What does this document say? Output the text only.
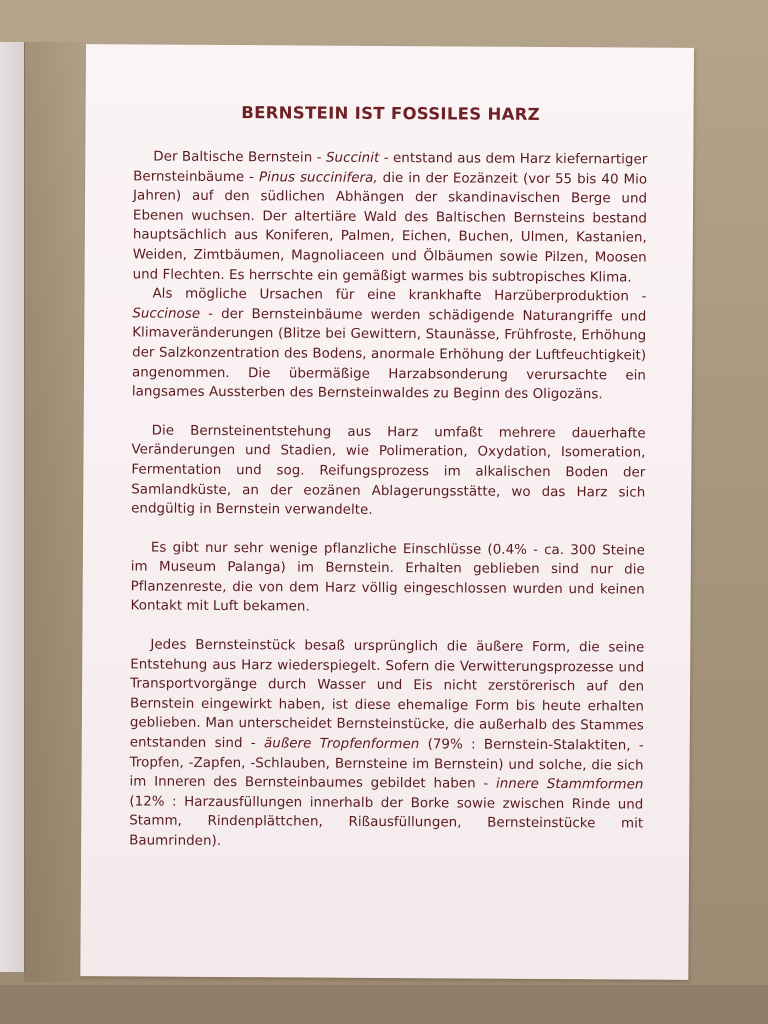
BERNSTEIN IST FOSSILES HARZ

Der Baltische Bernstein - Succinit - entstand aus dem Harz kiefernartiger Bernsteinbäume - Pinus succinifera, die in der Eozänzeit (vor 55 bis 40 Mio Jahren) auf den südlichen Abhängen der skandinavischen Berge und Ebenen wuchsen. Der altertiäre Wald des Baltischen Bernsteins bestand hauptsächlich aus Koniferen, Palmen, Eichen, Buchen, Ulmen, Kastanien, Weiden, Zimtbäumen, Magnoliaceen und Ölbäumen sowie Pilzen, Moosen und Flechten. Es herrschte ein gemäßigt warmes bis subtropisches Klima.

Als mögliche Ursachen für eine krankhafte Harzüberproduktion - Succinose - der Bernsteinbäume werden schädigende Naturangriffe und Klimaveränderungen (Blitze bei Gewittern, Staunässe, Frühfroste, Erhöhung der Salzkonzentration des Bodens, anormale Erhöhung der Luftfeuchtigkeit) angenommen. Die übermäßige Harzabsonderung verursachte ein langsames Aussterben des Bernsteinwaldes zu Beginn des Oligozäns.

Die Bernsteinentstehung aus Harz umfaßt mehrere dauerhafte Veränderungen und Stadien, wie Polimeration, Oxydation, Isomeration, Fermentation und sog. Reifungsprozess im alkalischen Boden der Samlandküste, an der eozänen Ablagerungsstätte, wo das Harz sich endgültig in Bernstein verwandelte.

Es gibt nur sehr wenige pflanzliche Einschlüsse (0.4% - ca. 300 Steine im Museum Palanga) im Bernstein. Erhalten geblieben sind nur die Pflanzenreste, die von dem Harz völlig eingeschlossen wurden und keinen Kontakt mit Luft bekamen.

Jedes Bernsteinstück besaß ursprünglich die äußere Form, die seine Entstehung aus Harz wiederspiegelt. Sofern die Verwitterungsprozesse und Transportvorgänge durch Wasser und Eis nicht zerstörerisch auf den Bernstein eingewirkt haben, ist diese ehemalige Form bis heute erhalten geblieben. Man unterscheidet Bernsteinstücke, die außerhalb des Stammes entstanden sind - äußere Tropfenformen (79% : Bernstein-Stalaktiten, -Tropfen, -Zapfen, -Schlauben, Bernsteine im Bernstein) und solche, die sich im Inneren des Bernsteinbaumes gebildet haben - innere Stammformen (12% : Harzausfüllungen innerhalb der Borke sowie zwischen Rinde und Stamm, Rindenplättchen, Rißausfüllungen, Bernsteinstücke mit Baumrinden).
